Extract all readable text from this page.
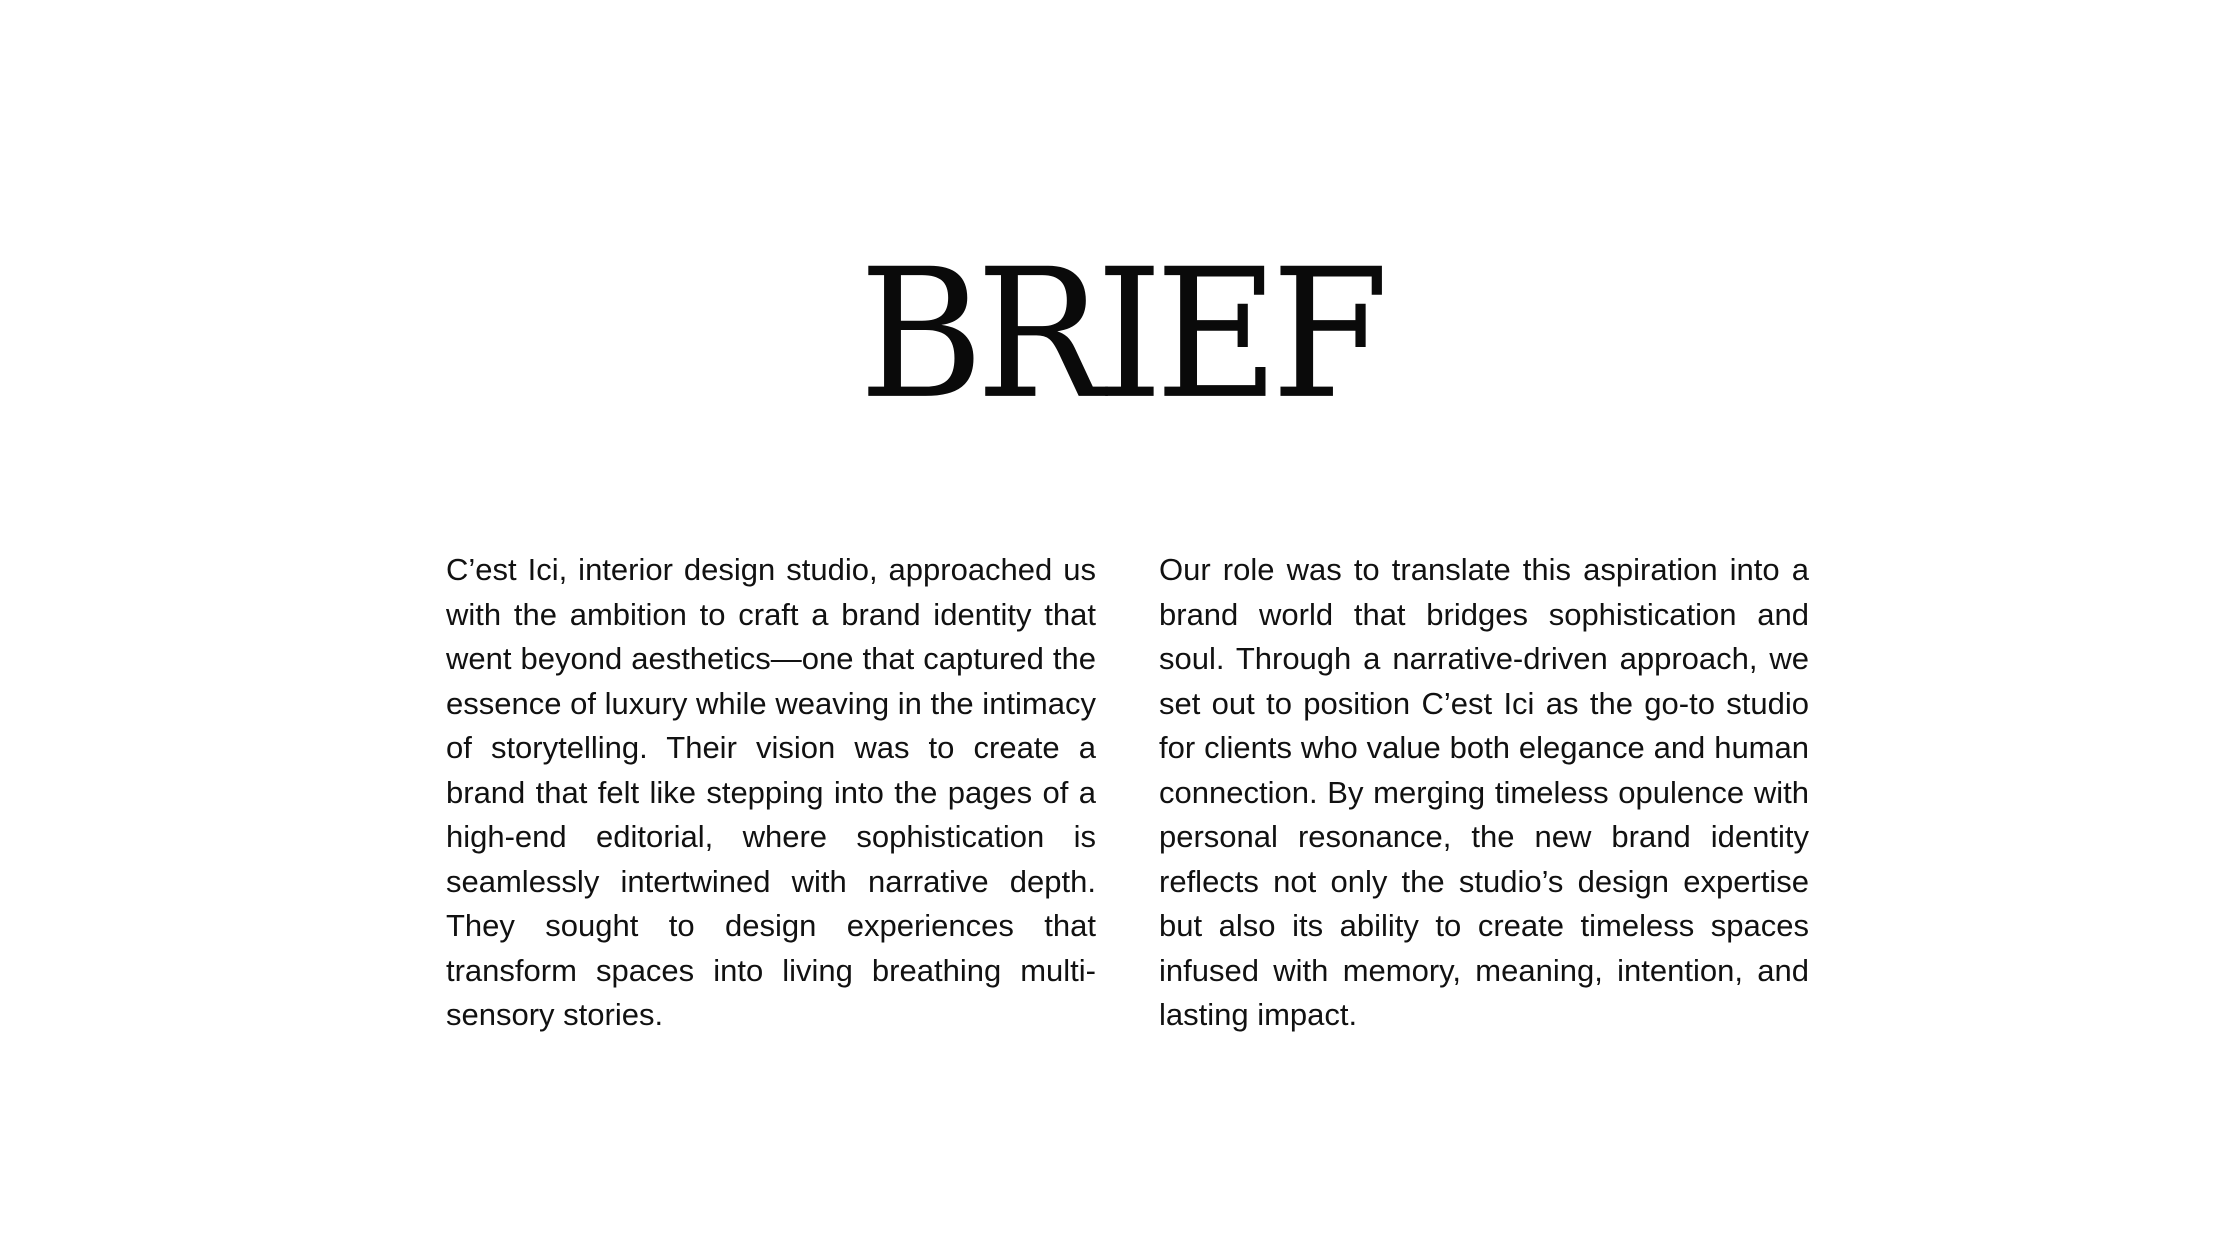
BRIEF

C’est Ici, interior design studio, approached us with the ambition to craft a brand identity that went beyond aesthetics—one that captured the essence of luxury while weaving in the intimacy of storytelling. Their vision was to create a brand that felt like stepping into the pages of a high-end editorial, where sophistication is seamlessly intertwined with narrative depth. They sought to design experiences that transform spaces into living breathing multi-sensory stories.

Our role was to translate this aspiration into a brand world that bridges sophistication and soul. Through a narrative-driven approach, we set out to position C’est Ici as the go-to studio for clients who value both elegance and human connection. By merging timeless opulence with personal resonance, the new brand identity reflects not only the studio’s design expertise but also its ability to create timeless spaces infused with memory, meaning, intention, and lasting impact.
